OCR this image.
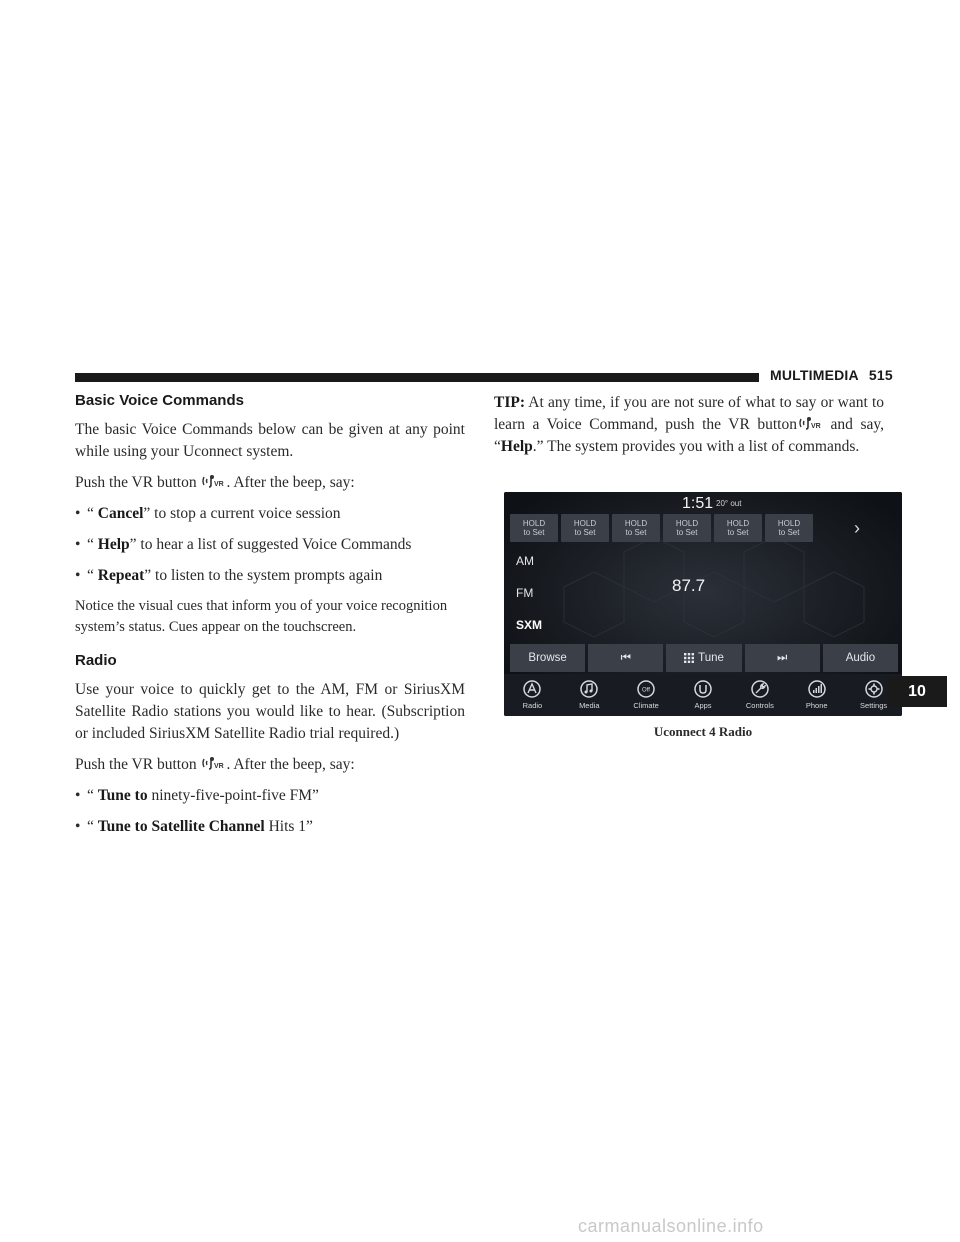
MULTIMEDIA 515
Basic Voice Commands

The basic Voice Commands below can be given at any point while using your Uconnect system.

Push the VR button	VR . After the beep, say:

• “ Cancel” to stop a current voice session
• “ Help” to hear a list of suggested Voice Commands
• “ Repeat” to listen to the system prompts again

Notice the visual cues that inform you of your voice recognition system’s status. Cues appear on the touchscreen.

Radio

Use your voice to quickly get to the AM, FM or SiriusXM Satellite Radio stations you would like to hear. (Subscription or included SiriusXM Satellite Radio trial required.)

Push the VR button	VR . After the beep, say:

• “ Tune to ninety-five-point-five FM”
• “ Tune to Satellite Channel Hits 1”

TIP: At any time, if you are not sure of what to say or want to learn a Voice Command, push the VR button VR and say, “Help.” The system provides you with a list of commands.

1:51 20° out
HOLD
to Set
HOLD
to Set
HOLD
to Set
HOLD
to Set
HOLD
to Set
HOLD
to Set	›
AM
FM
SXM
87.7
Browse	⏮	Tune	⏭	Audio
Radio	Media
Off
Climate	Apps	Controls	Phone	Settings
Uconnect 4 Radio
10
carmanualsonline.info
